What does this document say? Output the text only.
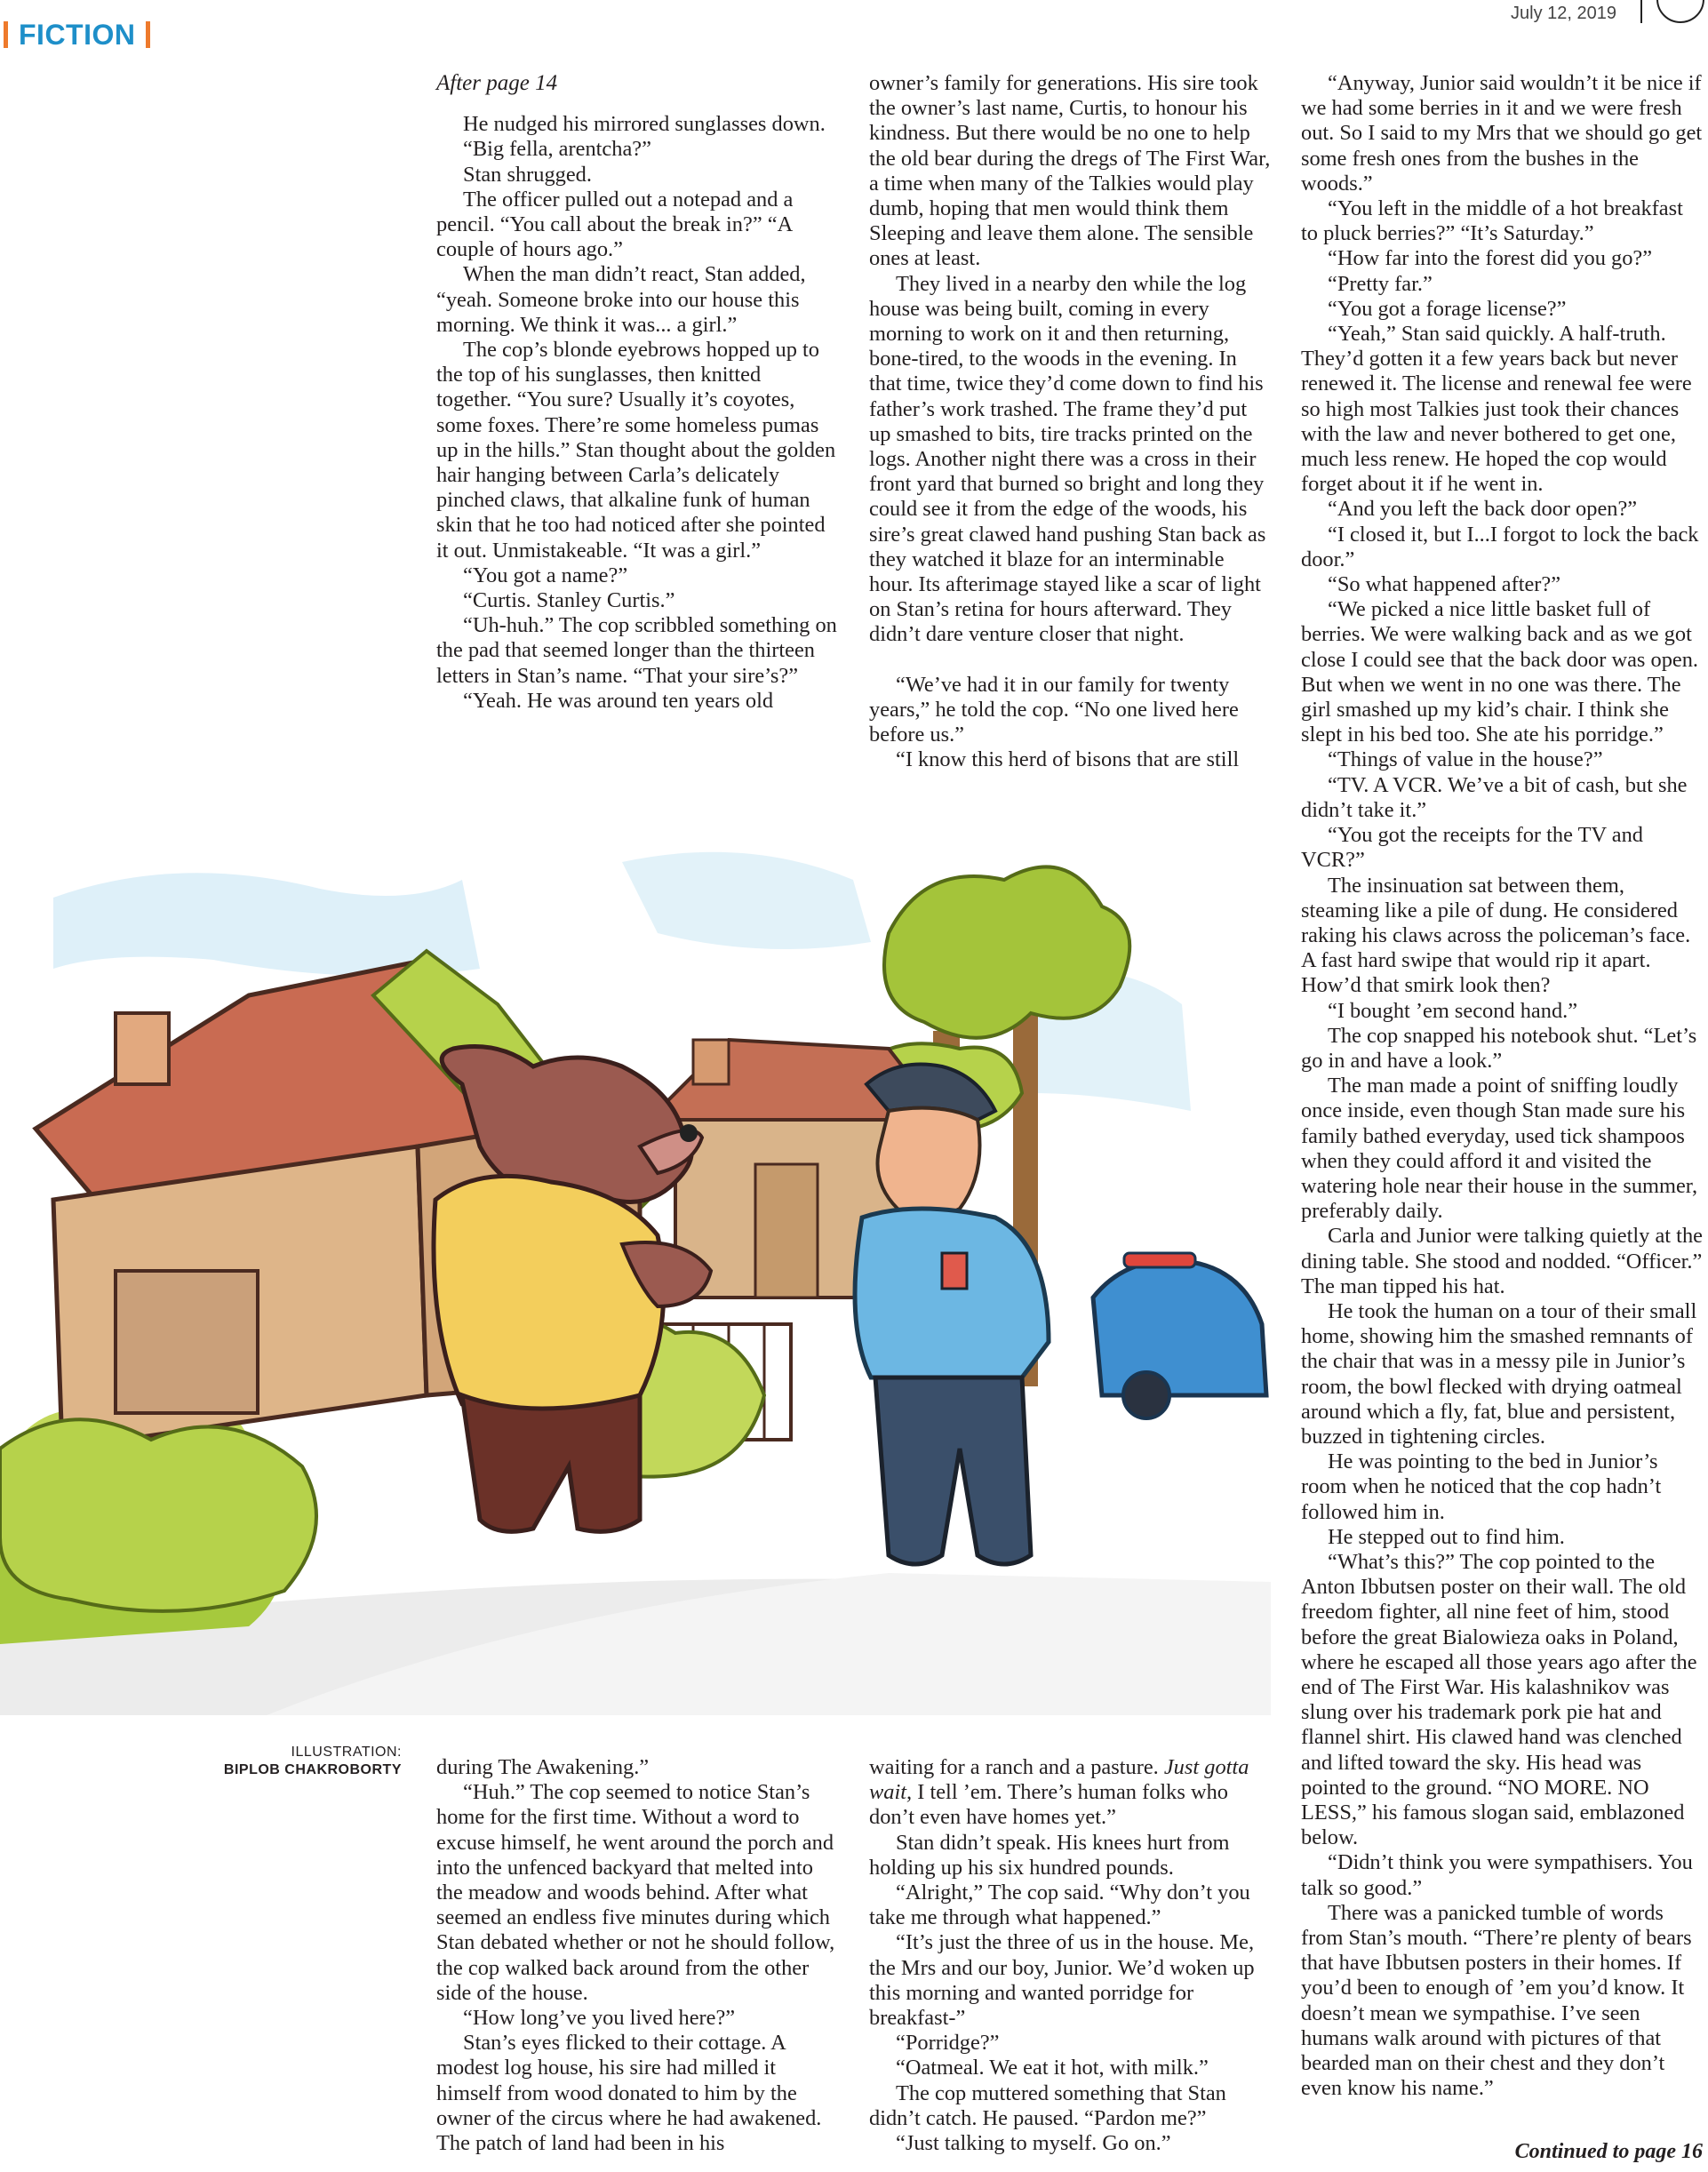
FICTION
July 12, 2019

After page 14

He nudged his mirrored sunglasses down.

“Big fella, arentcha?”

Stan shrugged.

The officer pulled out a notepad and a pencil. “You call about the break in?” “A couple of hours ago.”

When the man didn’t react, Stan added, “yeah. Someone broke into our house this morning. We think it was... a girl.”

The cop’s blonde eyebrows hopped up to the top of his sunglasses, then knitted together. “You sure? Usually it’s coyotes, some foxes. There’re some homeless pumas up in the hills.” Stan thought about the golden hair hanging between Carla’s delicately pinched claws, that alkaline funk of human skin that he too had noticed after she pointed it out. Unmistakeable. “It was a girl.”

“You got a name?”

“Curtis. Stanley Curtis.”

“Uh-huh.” The cop scribbled something on the pad that seemed longer than the thirteen letters in Stan’s name. “That your sire’s?”

“Yeah. He was around ten years old

owner’s family for generations. His sire took the owner’s last name, Curtis, to honour his kindness. But there would be no one to help the old bear during the dregs of The First War, a time when many of the Talkies would play dumb, hoping that men would think them Sleeping and leave them alone. The sensible ones at least.

They lived in a nearby den while the log house was being built, coming in every morning to work on it and then returning, bone-tired, to the woods in the evening. In that time, twice they’d come down to find his father’s work trashed. The frame they’d put up smashed to bits, tire tracks printed on the logs. Another night there was a cross in their front yard that burned so bright and long they could see it from the edge of the woods, his sire’s great clawed hand pushing Stan back as they watched it blaze for an interminable hour. Its afterimage stayed like a scar of light on Stan’s retina for hours afterward. They didn’t dare venture closer that night.

“We’ve had it in our family for twenty years,” he told the cop. “No one lived here before us.”

“I know this herd of bisons that are still

“Anyway, Junior said wouldn’t it be nice if we had some berries in it and we were fresh out. So I said to my Mrs that we should go get some fresh ones from the bushes in the woods.”

“You left in the middle of a hot breakfast to pluck berries?” “It’s Saturday.”

“How far into the forest did you go?”

“Pretty far.”

“You got a forage license?”

“Yeah,” Stan said quickly. A half-truth. They’d gotten it a few years back but never renewed it. The license and renewal fee were so high most Talkies just took their chances with the law and never bothered to get one, much less renew. He hoped the cop would forget about it if he went in.

“And you left the back door open?”

“I closed it, but I...I forgot to lock the back door.”

“So what happened after?”

“We picked a nice little basket full of berries. We were walking back and as we got close I could see that the back door was open. But when we went in no one was there. The girl smashed up my kid’s chair. I think she slept in his bed too. She ate his porridge.”

“Things of value in the house?”

“TV. A VCR. We’ve a bit of cash, but she didn’t take it.”

“You got the receipts for the TV and VCR?”

The insinuation sat between them, steaming like a pile of dung. He considered raking his claws across the policeman’s face. A fast hard swipe that would rip it apart. How’d that smirk look then?

“I bought ’em second hand.”

The cop snapped his notebook shut. “Let’s go in and have a look.”

The man made a point of sniffing loudly once inside, even though Stan made sure his family bathed everyday, used tick shampoos when they could afford it and visited the watering hole near their house in the summer, preferably daily.

Carla and Junior were talking quietly at the dining table. She stood and nodded. “Officer.” The man tipped his hat.

He took the human on a tour of their small home, showing him the smashed remnants of the chair that was in a messy pile in Junior’s room, the bowl flecked with drying oatmeal around which a fly, fat, blue and persistent, buzzed in tightening circles.

He was pointing to the bed in Junior’s room when he noticed that the cop hadn’t followed him in.

He stepped out to find him.

“What’s this?” The cop pointed to the Anton Ibbutsen poster on their wall. The old freedom fighter, all nine feet of him, stood before the great Bialowieza oaks in Poland, where he escaped all those years ago after the end of The First War. His kalashnikov was slung over his trademark pork pie hat and flannel shirt. His clawed hand was clenched and lifted toward the sky. His head was pointed to the ground. “NO MORE. NO LESS,” his famous slogan said, emblazoned below.

“Didn’t think you were sympathisers. You talk so good.”

There was a panicked tumble of words from Stan’s mouth. “There’re plenty of bears that have Ibbutsen posters in their homes. If you’d been to enough of ’em you’d know. It doesn’t mean we sympathise. I’ve seen humans walk around with pictures of that bearded man on their chest and they don’t even know his name.”

Continued to page 16
ILLUSTRATION:
BIPLOB CHAKROBORTY during The Awakening.”

“Huh.” The cop seemed to notice Stan’s home for the first time. Without a word to excuse himself, he went around the porch and into the unfenced backyard that melted into the meadow and woods behind. After what seemed an endless five minutes during which Stan debated whether or not he should follow, the cop walked back around from the other side of the house.

“How long’ve you lived here?”

Stan’s eyes flicked to their cottage. A modest log house, his sire had milled it himself from wood donated to him by the owner of the circus where he had awakened. The patch of land had been in his

waiting for a ranch and a pasture. Just gotta wait, I tell ’em. There’s human folks who don’t even have homes yet.”

Stan didn’t speak. His knees hurt from holding up his six hundred pounds.

“Alright,” The cop said. “Why don’t you take me through what happened.”

“It’s just the three of us in the house. Me, the Mrs and our boy, Junior. We’d woken up this morning and wanted porridge for breakfast-”

“Porridge?”

“Oatmeal. We eat it hot, with milk.”

The cop muttered something that Stan didn’t catch. He paused. “Pardon me?”

“Just talking to myself. Go on.”
